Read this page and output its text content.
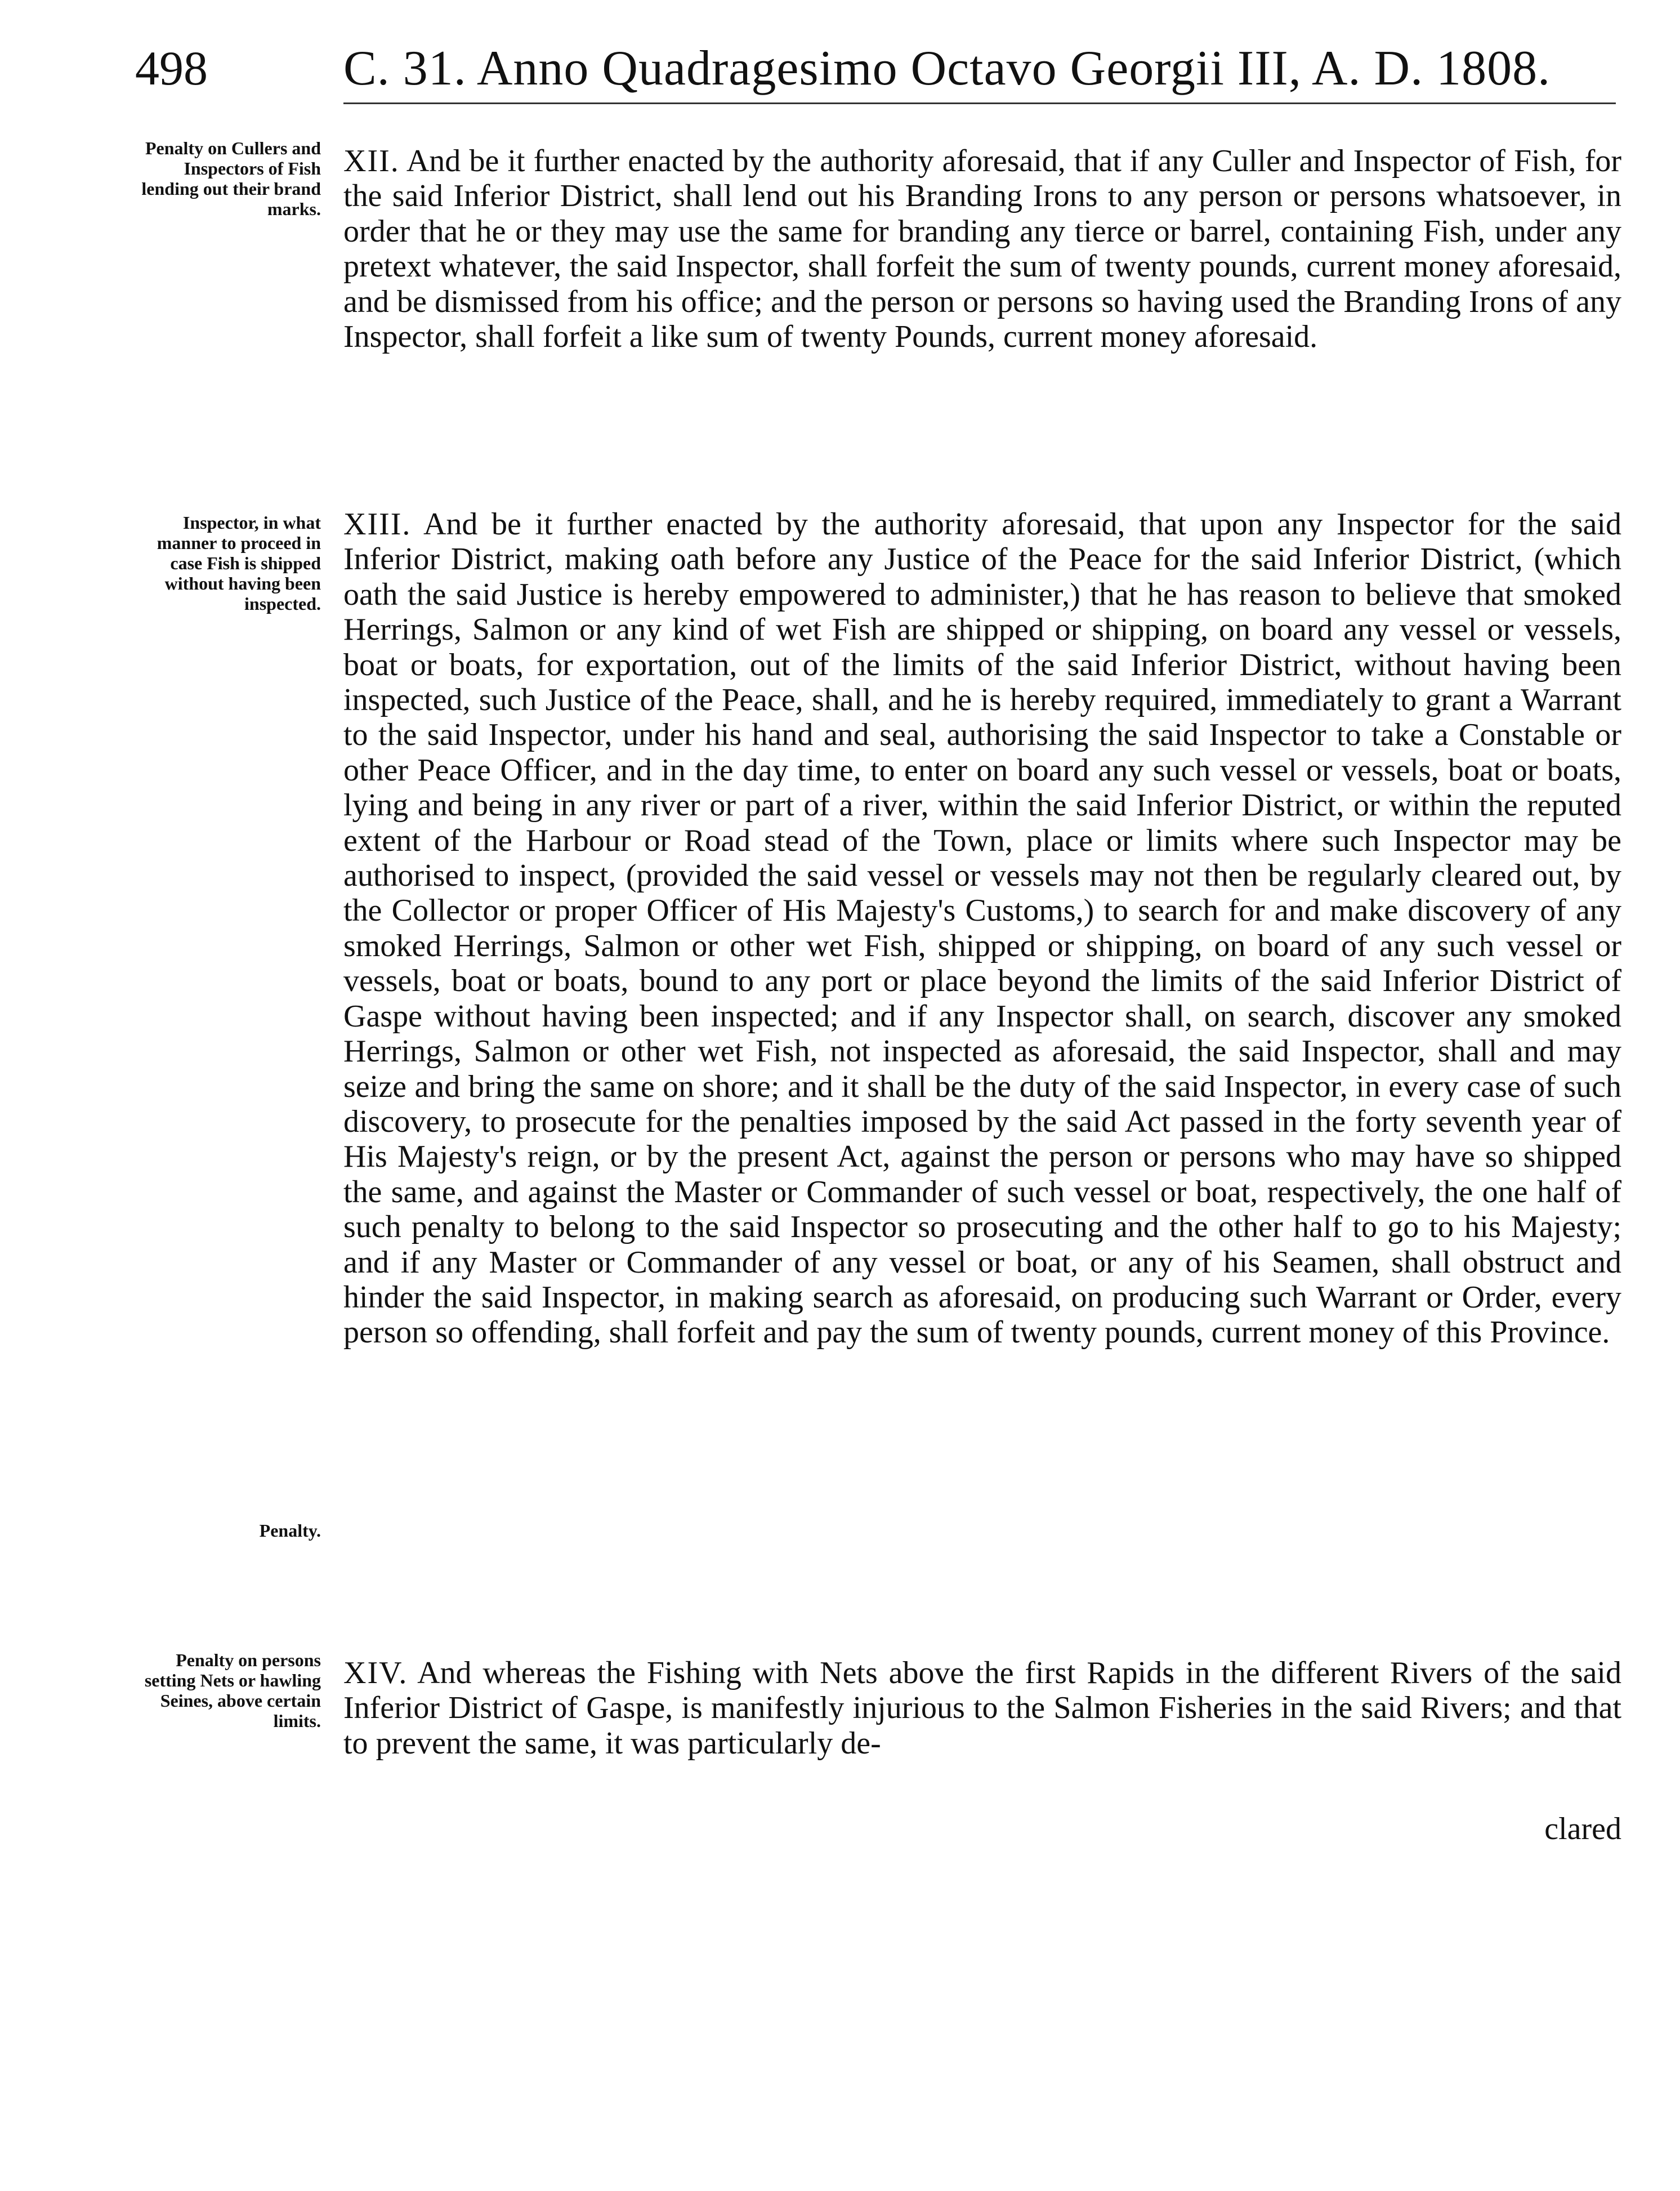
498	C. 31. Anno Quadragesimo Octavo Georgii III, A. D. 1808.

Penalty on Cullers and Inspectors of Fish lending out their brand marks.

XII. And be it further enacted by the authority aforesaid, that if any Culler and Inspector of Fish, for the said Inferior District, shall lend out his Branding Irons to any person or persons whatsoever, in order that he or they may use the same for branding any tierce or barrel, containing Fish, under any pretext whatever, the said Inspector, shall forfeit the sum of twenty pounds, current money aforesaid, and be dismissed from his office; and the person or persons so having used the Branding Irons of any Inspector, shall forfeit a like sum of twenty Pounds, current money aforesaid.

Inspector, in what manner to proceed in case Fish is shipped without having been inspected.

Penalty.

XIII. And be it further enacted by the authority aforesaid, that upon any Inspector for the said Inferior District, making oath before any Justice of the Peace for the said Inferior District, (which oath the said Justice is hereby empowered to administer,) that he has reason to believe that smoked Herrings, Salmon or any kind of wet Fish are shipped or shipping, on board any vessel or vessels, boat or boats, for exportation, out of the limits of the said Inferior District, without having been inspected, such Justice of the Peace, shall, and he is hereby required, immediately to grant a Warrant to the said Inspector, under his hand and seal, authorising the said Inspector to take a Constable or other Peace Officer, and in the day time, to enter on board any such vessel or vessels, boat or boats, lying and being in any river or part of a river, within the said Inferior District, or within the reputed extent of the Harbour or Road stead of the Town, place or limits where such Inspector may be authorised to inspect, (provided the said vessel or vessels may not then be regularly cleared out, by the Collector or proper Officer of His Majesty's Customs,) to search for and make discovery of any smoked Herrings, Salmon or other wet Fish, shipped or shipping, on board of any such vessel or vessels, boat or boats, bound to any port or place beyond the limits of the said Inferior District of Gaspe without having been inspected; and if any Inspector shall, on search, discover any smoked Herrings, Salmon or other wet Fish, not inspected as aforesaid, the said Inspector, shall and may seize and bring the same on shore; and it shall be the duty of the said Inspector, in every case of such discovery, to prosecute for the penalties imposed by the said Act passed in the forty seventh year of His Majesty's reign, or by the present Act, against the person or persons who may have so shipped the same, and against the Master or Commander of such vessel or boat, respectively, the one half of such penalty to belong to the said Inspector so prosecuting and the other half to go to his Majesty; and if any Master or Commander of any vessel or boat, or any of his Seamen, shall obstruct and hinder the said Inspector, in making search as aforesaid, on producing such Warrant or Order, every person so offending, shall forfeit and pay the sum of twenty pounds, current money of this Province.

Penalty on persons setting Nets or hawling Seines, above certain limits.

XIV. And whereas the Fishing with Nets above the first Rapids in the different Rivers of the said Inferior District of Gaspe, is manifestly injurious to the Salmon Fisheries in the said Rivers; and that to prevent the same, it was particularly de-

clared
